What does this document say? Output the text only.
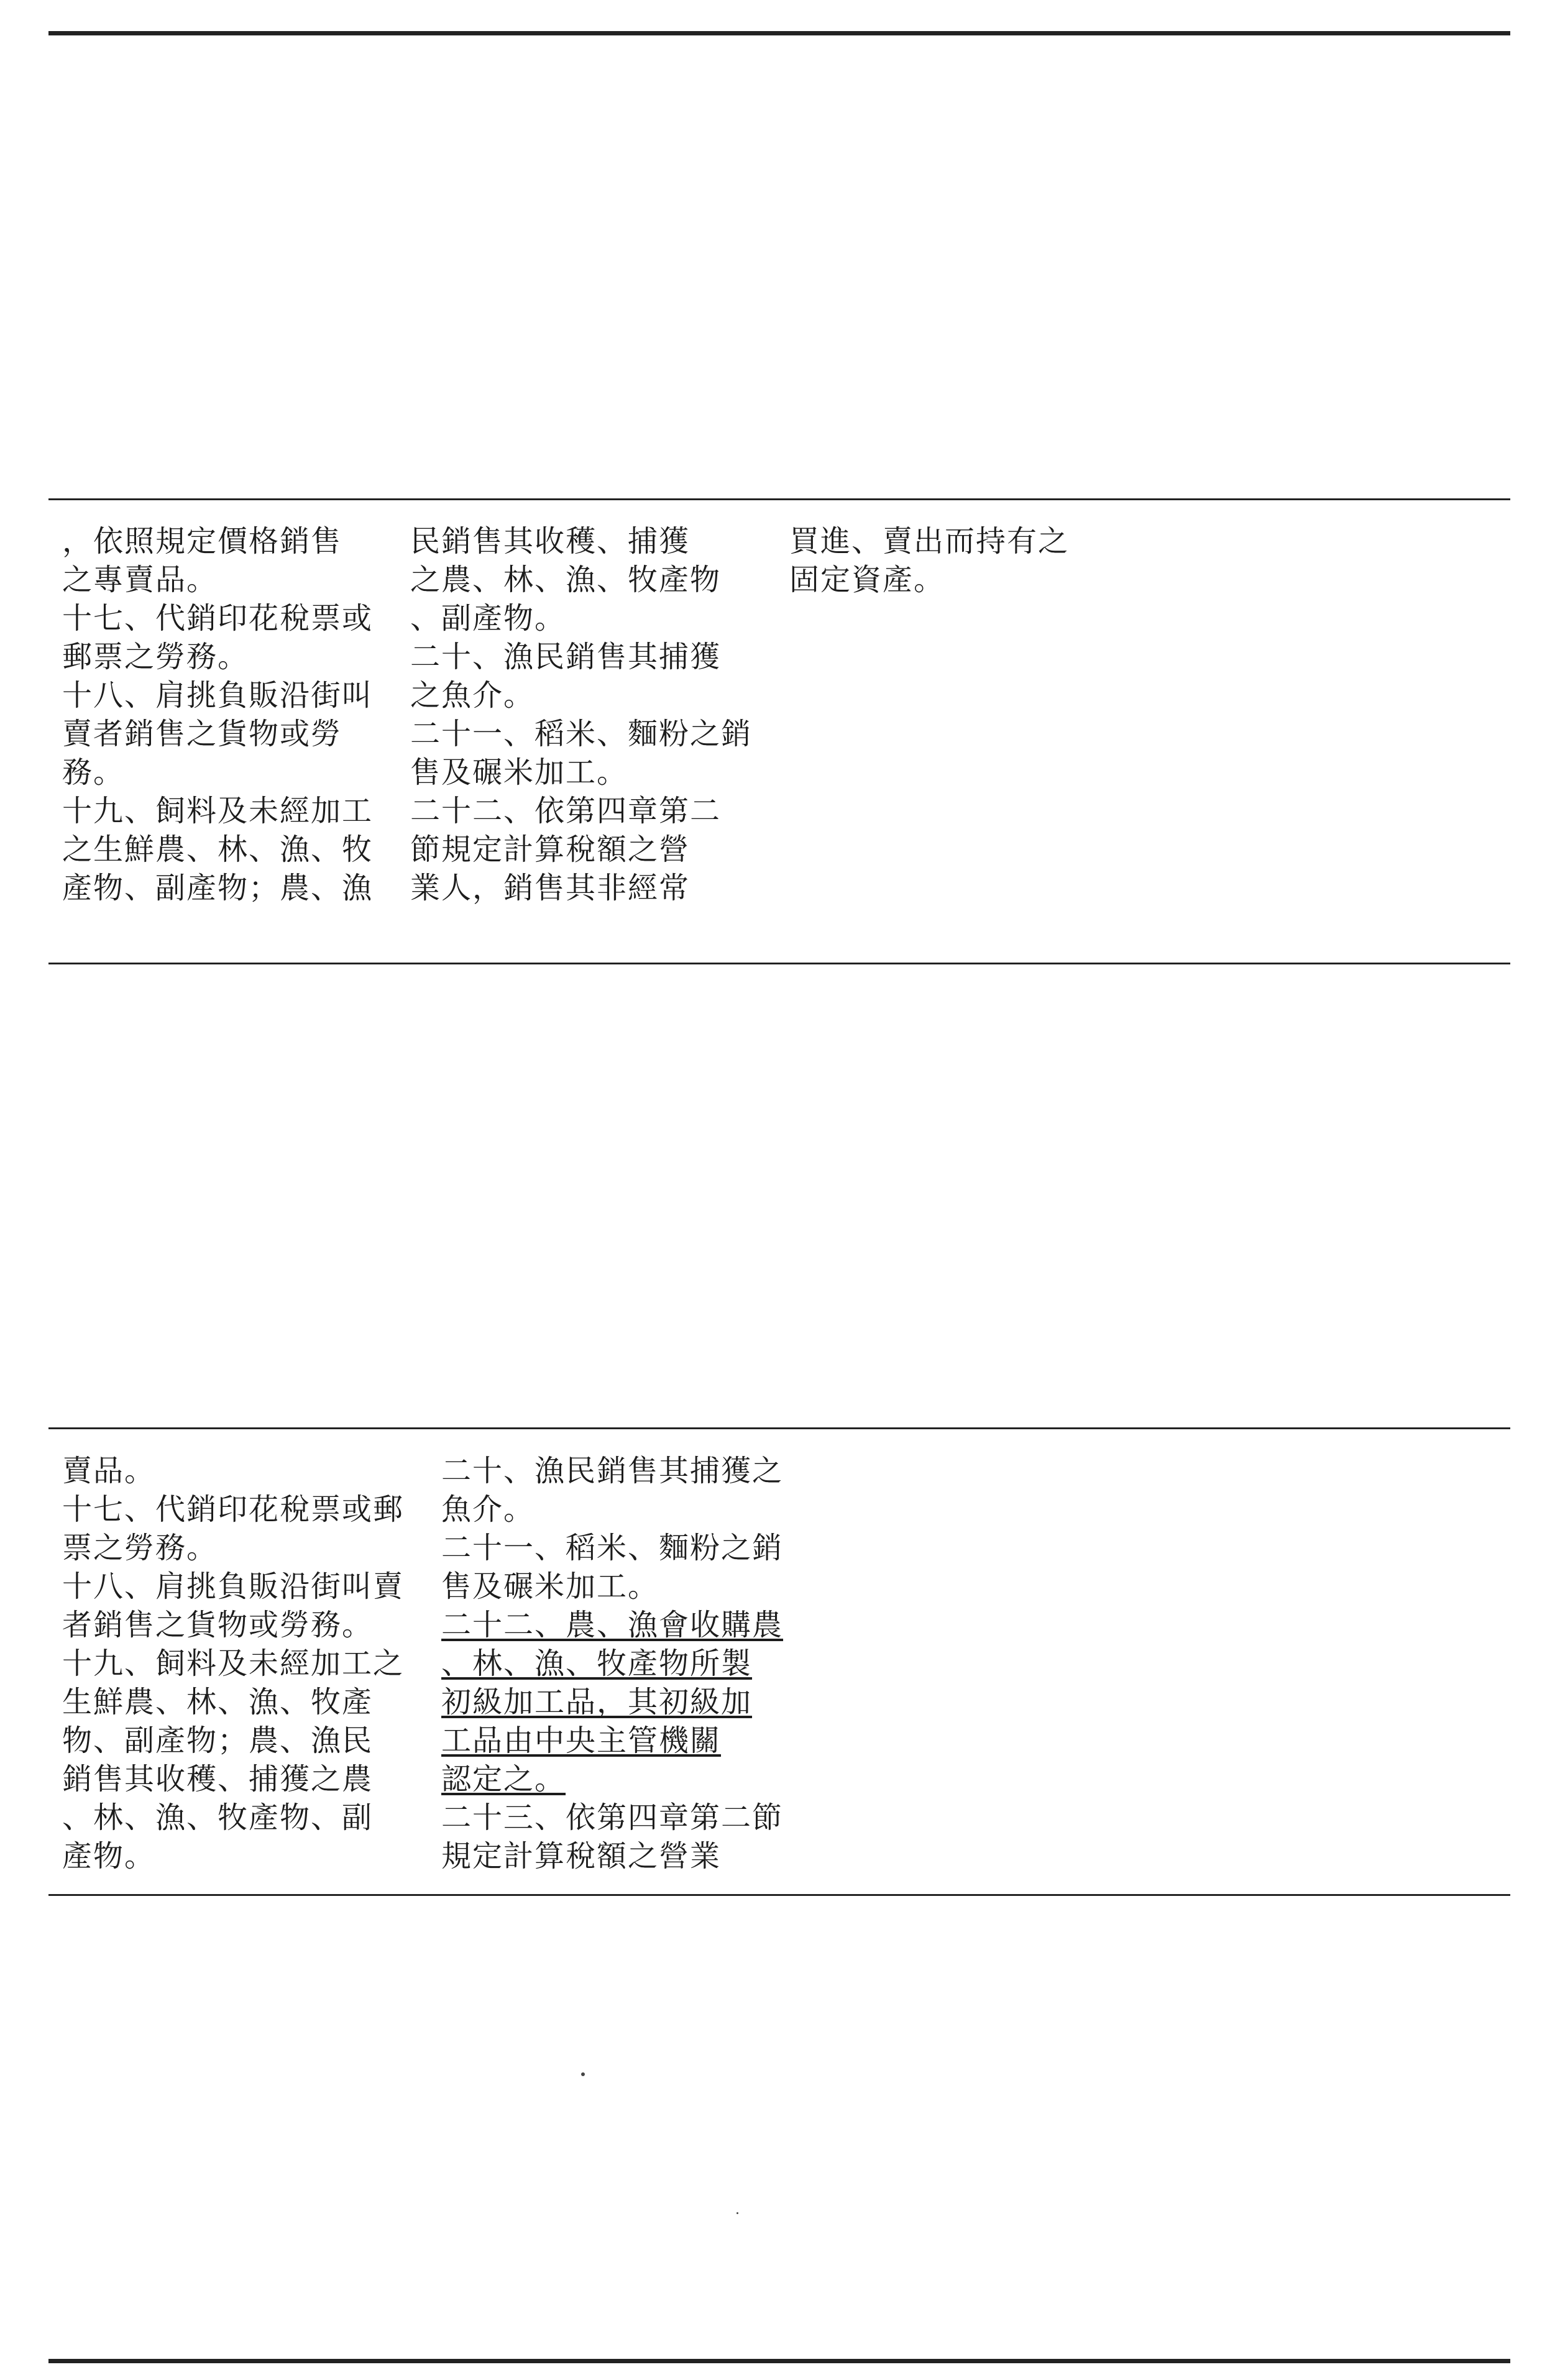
，依照規定價格銷售
之專賣品。
十七、代銷印花稅票或
郵票之勞務。
十八、肩挑負販沿街叫
賣者銷售之貨物或勞
務。
十九、飼料及未經加工
之生鮮農、林、漁、牧
產物、副產物；農、漁
民銷售其收穫、捕獲
之農、林、漁、牧產物
、副產物。
二十、漁民銷售其捕獲
之魚介。
二十一、稻米、麵粉之銷
售及碾米加工。
二十二、依第四章第二
節規定計算稅額之營
業人，銷售其非經常
買進、賣出而持有之
固定資產。
賣品。
十七、代銷印花稅票或郵
票之勞務。
十八、肩挑負販沿街叫賣
者銷售之貨物或勞務。
十九、飼料及未經加工之
生鮮農、林、漁、牧產
物、副產物；農、漁民
銷售其收穫、捕獲之農
、林、漁、牧產物、副
產物。
二十、漁民銷售其捕獲之
魚介。
二十一、稻米、麵粉之銷
售及碾米加工。
二十二、農、漁會收購農
、林、漁、牧產物所製
初級加工品，其初級加
工品由中央主管機關
認定之。
二十三、依第四章第二節
規定計算稅額之營業
